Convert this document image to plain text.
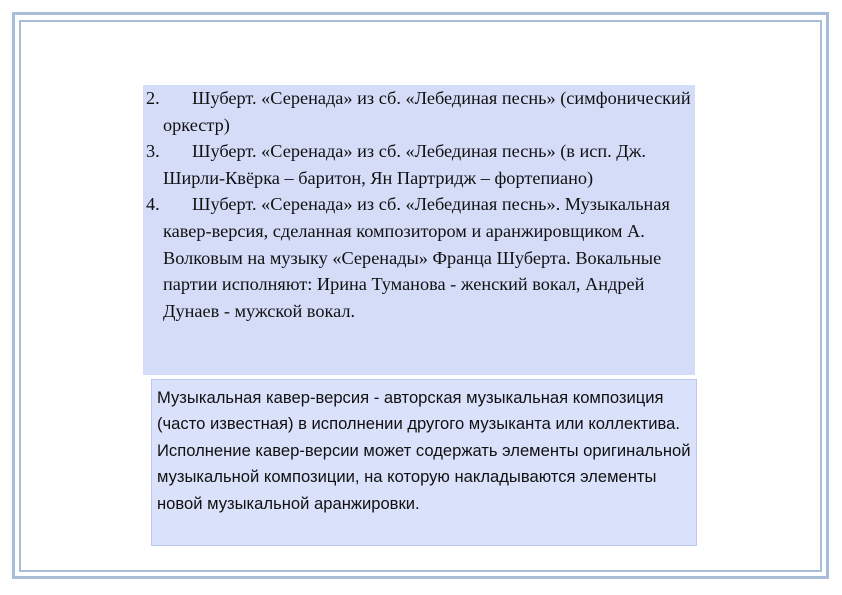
2.	Шуберт. «Серенада» из сб. «Лебединая песнь» (симфонический оркестр)
3.	Шуберт. «Серенада» из сб. «Лебединая песнь» (в исп. Дж. Ширли-Квёрка – баритон, Ян Партридж – фортепиано)
4.	Шуберт. «Серенада» из сб. «Лебединая песнь». Музыкальная кавер-версия, сделанная композитором и аранжировщиком А. Волковым на музыку «Серенады» Франца Шуберта. Вокальные партии исполняют: Ирина Туманова - женский вокал, Андрей Дунаев - мужской вокал.

Музыкальная кавер-версия - авторская музыкальная композиция (часто известная) в исполнении другого музыканта или коллектива. Исполнение кавер-версии может содержать элементы оригинальной музыкальной композиции, на которую накладываются элементы новой музыкальной аранжировки.
